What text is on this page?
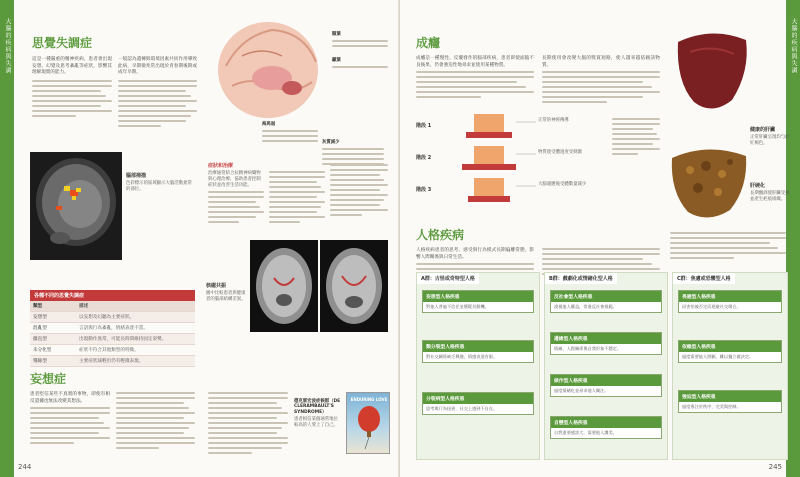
大腦的疾病與失調 思覺失調症
這是一種嚴重的精神疾病，患者會出現妄想、幻覺及思考紊亂等症狀，影響其理解現實的能力。
一般認為遺傳與環境因素共同作用導致此病，早期徵兆常出現於青春期後期或成年早期。
腦部掃描
色彩標示的區域顯示大腦活動異常的部位。
額葉
顳葉
海馬迴
灰質減少
症狀和治療
治療通常結合抗精神病藥物與心理治療，協助患者控制症狀並改善生活功能。
核磁共振
圖中比較患者與健康者的腦部結構差異。
各種不同的思覺失調症
類型	描述
妄想型	以妄想及幻聽為主要症狀。
混亂型	言語與行為紊亂，情緒表達不當。
僵直型	出現動作異常，可能長時間維持固定姿勢。
未分化型	症狀不符合其他類型的特徵。
殘餘型	主要症狀減輕但仍有輕微表現。
妄想症
患者堅信某些不真實的事物，即使有相反證據也無法改變其想法。	德克雷宏波症候群（DE CLERAMBAULT'S SYNDROME）
患者相信某個通常地位較高的人愛上了自己。
ENDURING LOVE
244
大腦的疾病與失調
成癮
成癮是一種慢性、反覆發作的腦部疾病，患者即使面臨不良後果，仍會強迫性地尋求並使用某種物質。
長期使用會改變大腦的獎賞迴路，使人越來越依賴該物質。
階段 1
階段 2
階段 3
正常的神經傳導
物質使受體過度受刺激
大腦適應後受體數量減少
健康的肝臟
正常肝臟呈現均勻的紅褐色。
肝硬化
長期酗酒使肝臟受損並產生疤痕組織。
人格疾病
人格疾病患者的思考、感受與行為模式長期偏離常態，影響人際關係與日常生活。
A群：古怪或奇特型人格
妄想型人格疾患
對他人普遍不信任並懷疑其動機。
類分裂型人格疾患
對社交關係缺乏興趣，情感表達有限。
分裂病型人格疾患
思考與行為怪異，社交上感到不自在。
B群：戲劇化或情緒化型人格
反社會型人格疾患
漠視他人權益，常違反社會規範。
邊緣型人格疾患
情緒、人際關係與自我形象不穩定。
做作型人格疾患
過度情緒化並尋求他人關注。
自戀型人格疾患
自我重要感誇大，需要他人讚美。
C群：焦慮或恐懼型人格
畏避型人格疾患
因害怕被否定而迴避社交場合。
依賴型人格疾患
過度需要他人照顧，難以獨立做決定。
強迫型人格疾患
過度專注於秩序、完美與控制。
245
